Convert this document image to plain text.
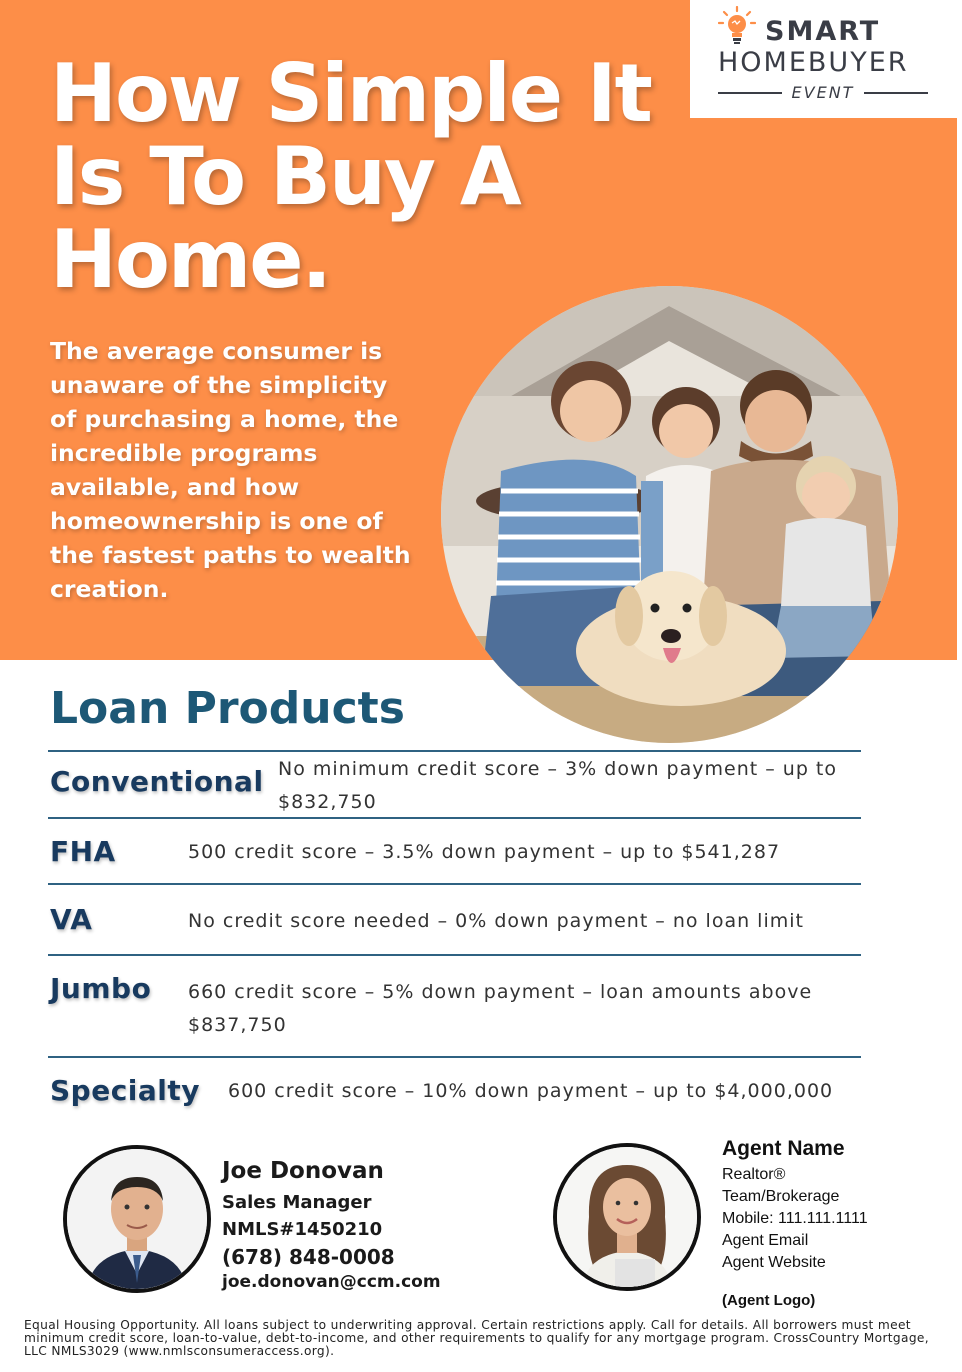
SMART
HOMEBUYER
EVENT
How Simple It Is To Buy A Home.

The average consumer is unaware of the simplicity of purchasing a home, the incredible programs available, and how homeownership is one of the fastest paths to wealth creation.

Loan Products
Conventional No minimum credit score – 3% down payment – up to $832,750
FHA	500 credit score – 3.5% down payment – up to $541,287
VA	No credit score needed – 0% down payment – no loan limit
Jumbo 660 credit score – 5% down payment – loan amounts above $837,750
Specialty 600 credit score – 10% down payment – up to $4,000,000
Joe Donovan
Sales Manager
NMLS#1450210
(678) 848-0008
joe.donovan@ccm.com
Agent Name
Realtor®
Team/Brokerage
Mobile: 111.111.1111
Agent Email
Agent Website
(Agent Logo)

Equal Housing Opportunity. All loans subject to underwriting approval. Certain restrictions apply. Call for details. All borrowers must meet minimum credit score, loan-to-value, debt-to-income, and other requirements to qualify for any mortgage program. CrossCountry Mortgage, LLC NMLS3029 (www.nmlsconsumeraccess.org).
